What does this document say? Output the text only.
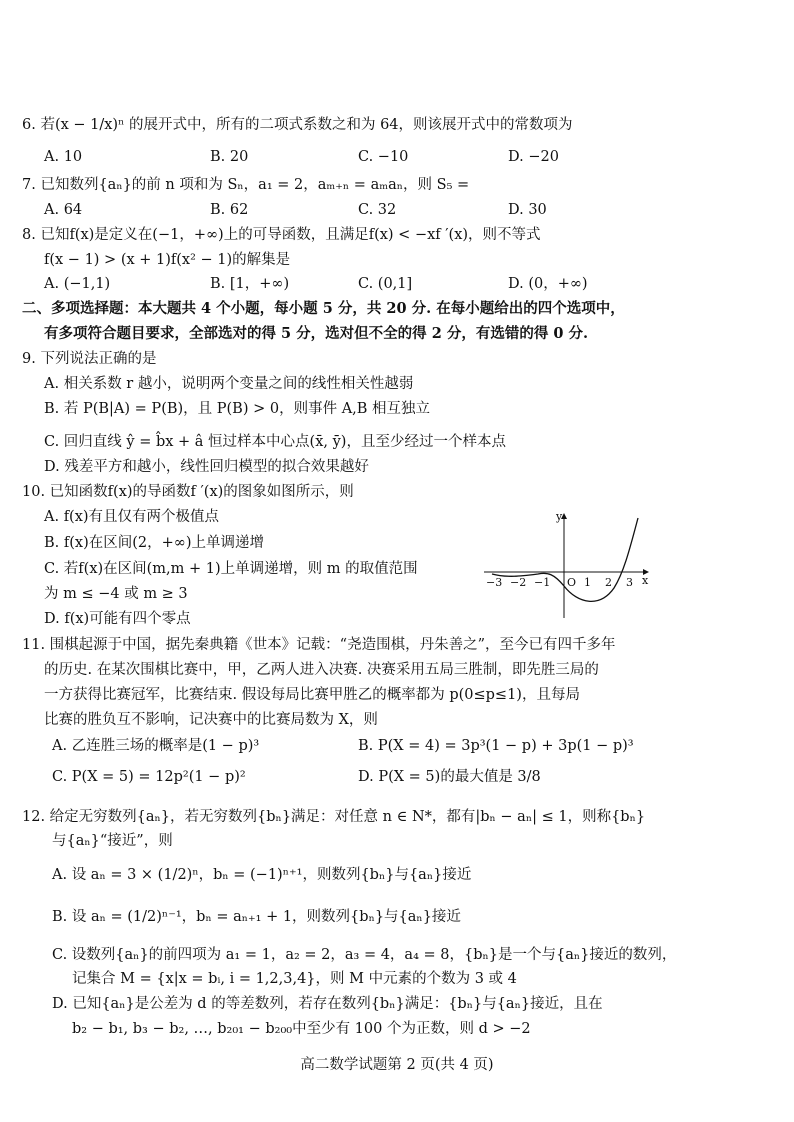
6. 若(x − 1/x)ⁿ 的展开式中，所有的二项式系数之和为 64，则该展开式中的常数项为
A. 10	B. 20	C. −10	D. −20
7. 已知数列{aₙ}的前 n 项和为 Sₙ，a₁ = 2，aₘ₊ₙ = aₘaₙ，则 S₅ =
A. 64	B. 62	C. 32	D. 30
8. 已知f(x)是定义在(−1，+∞)上的可导函数，且满足f(x) < −xf ′(x)，则不等式
f(x − 1) > (x + 1)f(x² − 1)的解集是
A. (−1,1)	B. [1，+∞)	C. (0,1]	D. (0，+∞)
二、多项选择题：本大题共 4 个小题，每小题 5 分，共 20 分. 在每小题给出的四个选项中，
有多项符合题目要求，全部选对的得 5 分，选对但不全的得 2 分，有选错的得 0 分.
9. 下列说法正确的是
A. 相关系数 r 越小，说明两个变量之间的线性相关性越弱
B. 若 P(B|A) = P(B)，且 P(B) > 0，则事件 A,B 相互独立
C. 回归直线 ŷ = b̂x + â 恒过样本中心点(x̄, ȳ)，且至少经过一个样本点
D. 残差平方和越小，线性回归模型的拟合效果越好
10. 已知函数f(x)的导函数f ′(x)的图象如图所示，则
A. f(x)有且仅有两个极值点
B. f(x)在区间(2，+∞)上单调递增
C. 若f(x)在区间(m,m + 1)上单调递增，则 m 的取值范围
为 m ≤ −4 或 m ≥ 3
D. f(x)可能有四个零点
y
x
−3 −2 −1 O 1 2 3
11. 围棋起源于中国，据先秦典籍《世本》记载：“尧造围棋，丹朱善之”，至今已有四千多年
的历史. 在某次围棋比赛中，甲，乙两人进入决赛. 决赛采用五局三胜制，即先胜三局的
一方获得比赛冠军，比赛结束. 假设每局比赛甲胜乙的概率都为 p(0≤p≤1)，且每局
比赛的胜负互不影响，记决赛中的比赛局数为 X，则
A. 乙连胜三场的概率是(1 − p)³	B. P(X = 4) = 3p³(1 − p) + 3p(1 − p)³
C. P(X = 5) = 12p²(1 − p)²	D. P(X = 5)的最大值是 3/8
12. 给定无穷数列{aₙ}，若无穷数列{bₙ}满足：对任意 n ∈ N*，都有|bₙ − aₙ| ≤ 1，则称{bₙ}
与{aₙ}“接近”，则
A. 设 aₙ = 3 × (1/2)ⁿ，bₙ = (−1)ⁿ⁺¹，则数列{bₙ}与{aₙ}接近
B. 设 aₙ = (1/2)ⁿ⁻¹，bₙ = aₙ₊₁ + 1，则数列{bₙ}与{aₙ}接近
C. 设数列{aₙ}的前四项为 a₁ = 1，a₂ = 2，a₃ = 4，a₄ = 8，{bₙ}是一个与{aₙ}接近的数列，
记集合 M = {x|x = bᵢ, i = 1,2,3,4}，则 M 中元素的个数为 3 或 4
D. 已知{aₙ}是公差为 d 的等差数列，若存在数列{bₙ}满足：{bₙ}与{aₙ}接近，且在
b₂ − b₁, b₃ − b₂, …, b₂₀₁ − b₂₀₀中至少有 100 个为正数，则 d > −2
高二数学试题第 2 页(共 4 页)
